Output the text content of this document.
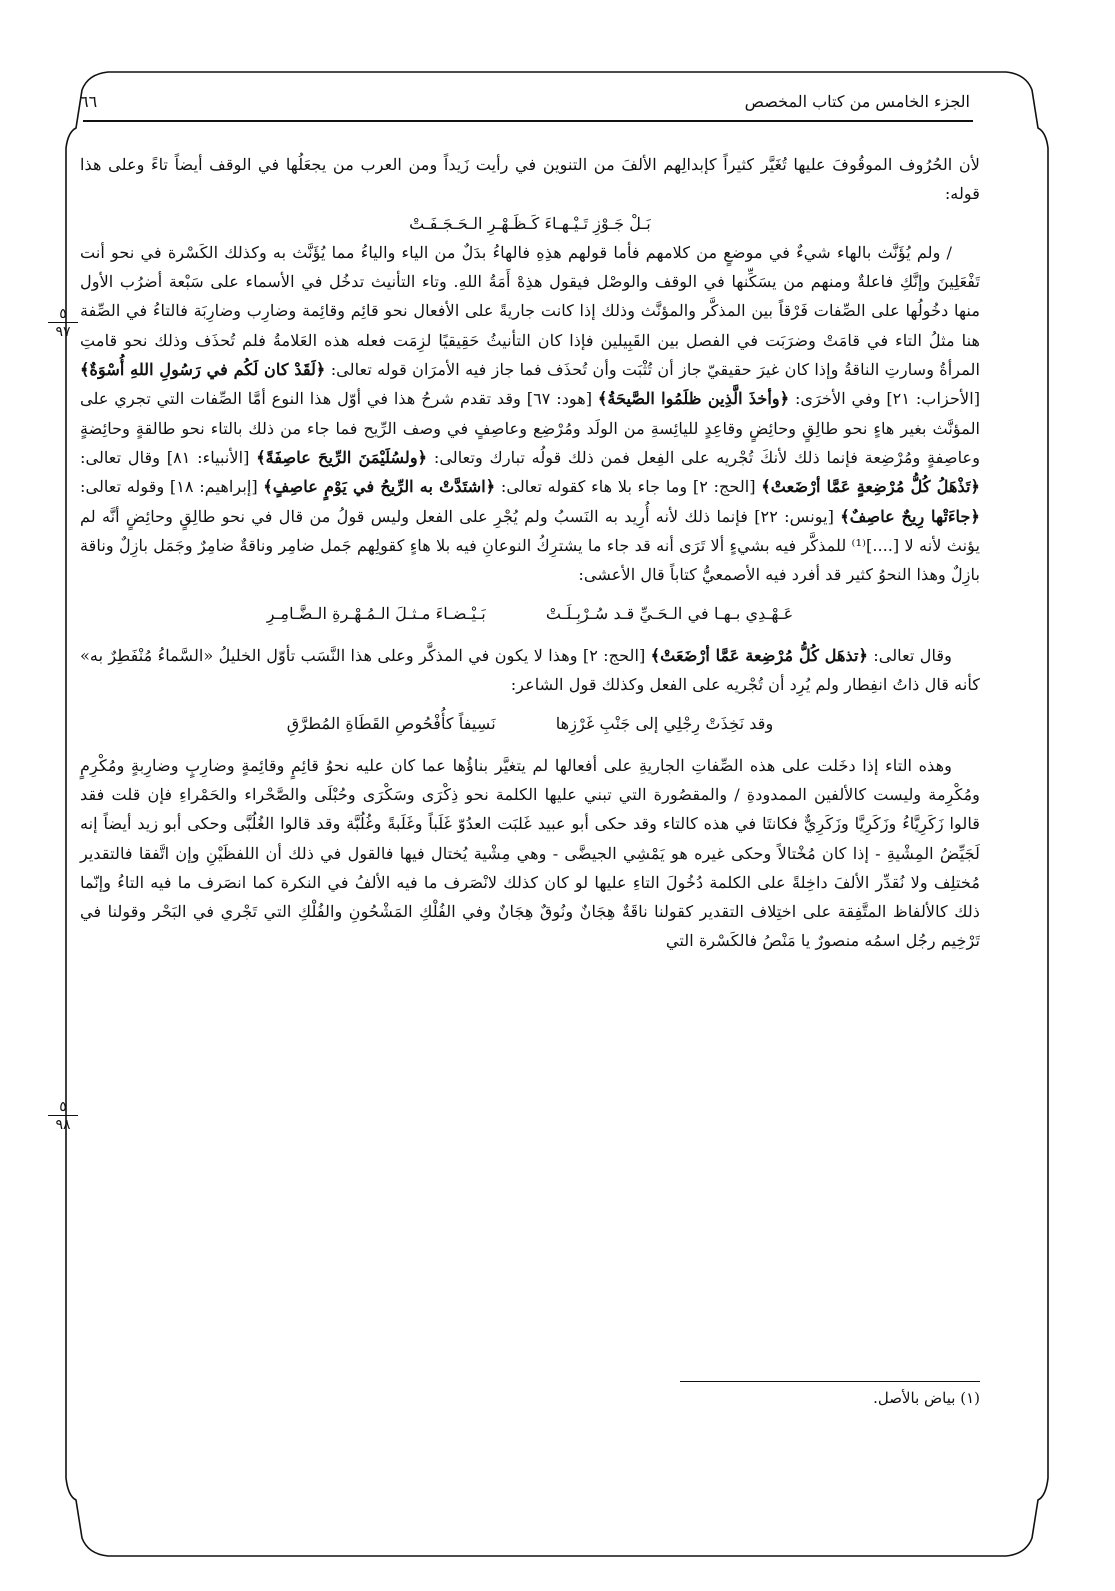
الجزء الخامس من كتاب المخصص
٦٦
٥
٩٧
٥
٩٨

لأن الحُرُوف الموقُوفَ عليها تُغَيَّر كثيراً كإبدالِهم الألفَ من التنوين في رأيت زَيداً ومن العرب من يجعَلُها في الوقف أيضاً تاءً وعلى هذا قوله:

بَـلْ جَـوْزِ تَـيْـهـاءَ كَـظَـهْـرِ الـحَـجَـفَـتْ

/ ولم يُؤَنَّث بالهاء شيءٌ في موضعٍ من كلامهم فأما قولهم هذِهِ فالهاءُ بدَلٌ من الياء والياءُ مما يُؤَنَّث به وكذلك الكَسْرة في نحو أنت تَفْعَلِينَ وإنَّكِ فاعلةٌ ومنهم من يسَكِّنها في الوقف والوصْل فيقول هذِهْ أَمَةُ اللهِ. وتاء التأنيث تدخُل في الأسماء على سَبْعة أضرُب الأول منها دخُولُها على الصِّفات فَرْقاً بين المذكَّر والمؤنَّث وذلك إذا كانت جاريةً على الأفعال نحو قائِم وقائِمة وضارِب وضارِبَة فالتاءُ في الصِّفة هنا مثلُ التاء في قامَتْ وضرَبَت في الفصل بين القَبِيلين فإذا كان التأنيثُ حَقِيقيًا لزِمَت فعله هذه العَلامةُ فلم تُحذَف وذلك نحو قامتِ المرأةُ وسارتِ الناقةُ وإذا كان غيرَ حقيقيّ جاز أن تُثْبَت وأن تُحذَف فما جاز فيه الأمرَان قوله تعالى: ﴿لَقَدْ كان لَكُم في رَسُولِ اللهِ أُسْوَةٌ﴾ [الأحزاب: ٢١] وفي الأخرَى: ﴿وأخذَ الَّذِين ظلَمُوا الصَّيحَةُ﴾ [هود: ٦٧] وقد تقدم شرحُ هذا في أوّل هذا النوع أمَّا الصِّفات التي تجري على المؤنَّث بغير هاءٍ نحو طالِقٍ وحائِضٍ وقاعِدٍ لليائِسةِ من الولَد ومُرْضِع وعاصِفٍ في وصف الرِّيح فما جاء من ذلك بالتاء نحو طالقةٍ وحائِضةٍ وعاصِفةٍ ومُرْضِعة فإنما ذلك لأنكَ تُجْريه على الفِعل فمن ذلك قولُه تبارك وتعالى: ﴿ولسُلَيْمَنَ الرِّيحَ عاصِفَةً﴾ [الأنبياء: ٨١] وقال تعالى: ﴿تَذْهَلُ كُلُّ مُرْضِعةٍ عَمَّا أرْضَعتْ﴾ [الحج: ٢] وما جاء بلا هاء كقوله تعالى: ﴿اشتَدَّتْ به الرِّيحُ في يَوْمٍ عاصِفٍ﴾ [إبراهيم: ١٨] وقوله تعالى: ﴿جاءَتْها رِيحٌ عاصِفٌ﴾ [يونس: ٢٢] فإنما ذلك لأنه أُرِيد به النَسبُ ولم يُجْرِ على الفعل وليس قولُ من قال في نحو طالِقٍ وحائِضٍ أنَّه لم يؤنث لأنه لا [....]⁽¹⁾ للمذكَّر فيه بشيءٍ ألا تَرَى أنه قد جاء ما يشترِكُ النوعانِ فيه بلا هاءٍ كقولِهم جَمل ضامِر وناقةٌ ضامِرٌ وجَمَل بازِلٌ وناقة بازِلٌ وهذا النحوُ كثير قد أفرد فيه الأصمعيُّ كتاباً قال الأعشى:

عَـهْـدِي بـهـا في الـحَـيِّ قـد سُـرْبِـلَـتْ
بَـيْـضـاءَ مـثـلَ الـمُـهْـرةِ الـضَّـامِـرِ

وقال تعالى: ﴿تذهَل كُلُّ مُرْضِعة عَمَّا أرْضَعَتْ﴾ [الحج: ٢] وهذا لا يكون في المذكَّر وعلى هذا النَّسَب تأوّل الخليلُ «السَّماءُ مُنْفَطِرٌ به» كأنه قال ذاتُ انفِطار ولم يُرِد أن تُجْريه على الفعل وكذلك قول الشاعر:

وقد نَخِذَتْ رِجْلِي إلى جَنْبِ غَرْزِها
نَسِيفاً كأُفْحُوصِ القَطَاةِ المُطرَّقِ

وهذه التاء إذا دخَلت على هذه الصِّفاتِ الجاريةِ على أفعالها لم يتغيَّر بناؤُها عما كان عليه نحوُ قائِمٍ وقائِمةٍ وضارِبٍ وضارِبةٍ ومُكْرِمٍ ومُكْرِمة وليست كالألفين الممدودةِ / والمقصُورة التي تبني عليها الكلمة نحو ذِكْرَى وسَكْرَى وحُبْلَى والصَّحْراء والحَمْراءِ فإن قلت فقد قالوا زَكَرِيَّاءُ وزَكَرِيَّا وزَكَرِيٌّ فكانتَا في هذه كالتاء وقد حكى أبو عبيد غَلبَت العدُوّ غَلَباً وغَلَبةً وغُلُبَّة وقد قالوا الغُلُبَّى وحكى أبو زيد أيضاً إنه لَجَيِّضُ المِشْيةِ - إذا كان مُخْتالاً وحكى غيره هو يَمْشِي الجيضَّى - وهي مِشْية يُختال فيها فالقول في ذلك أن اللفظَيْنِ وإن اتَّفقا فالتقدير مُختلِف ولا نُقدِّر الألفَ داخِلةً على الكلمة دُخُولَ التاءِ عليها لو كان كذلك لانْصَرف ما فيه الألفُ في النكرة كما انصَرف ما فيه التاءُ وإنّما ذلك كالألفاظ المتَّفِقة على اختِلاف التقدير كقولنا ناقَةٌ هِجَانٌ ونُوقٌ هِجَانٌ وفي الفُلْكِ المَشْحُونِ والفُلْكِ التي تَجْري في البَحْر وقولنا في تَرْخِيم رجُل اسمُه منصورٌ يا مَنْصُ فالكَسْرة التي

(١) بياض بالأصل.
